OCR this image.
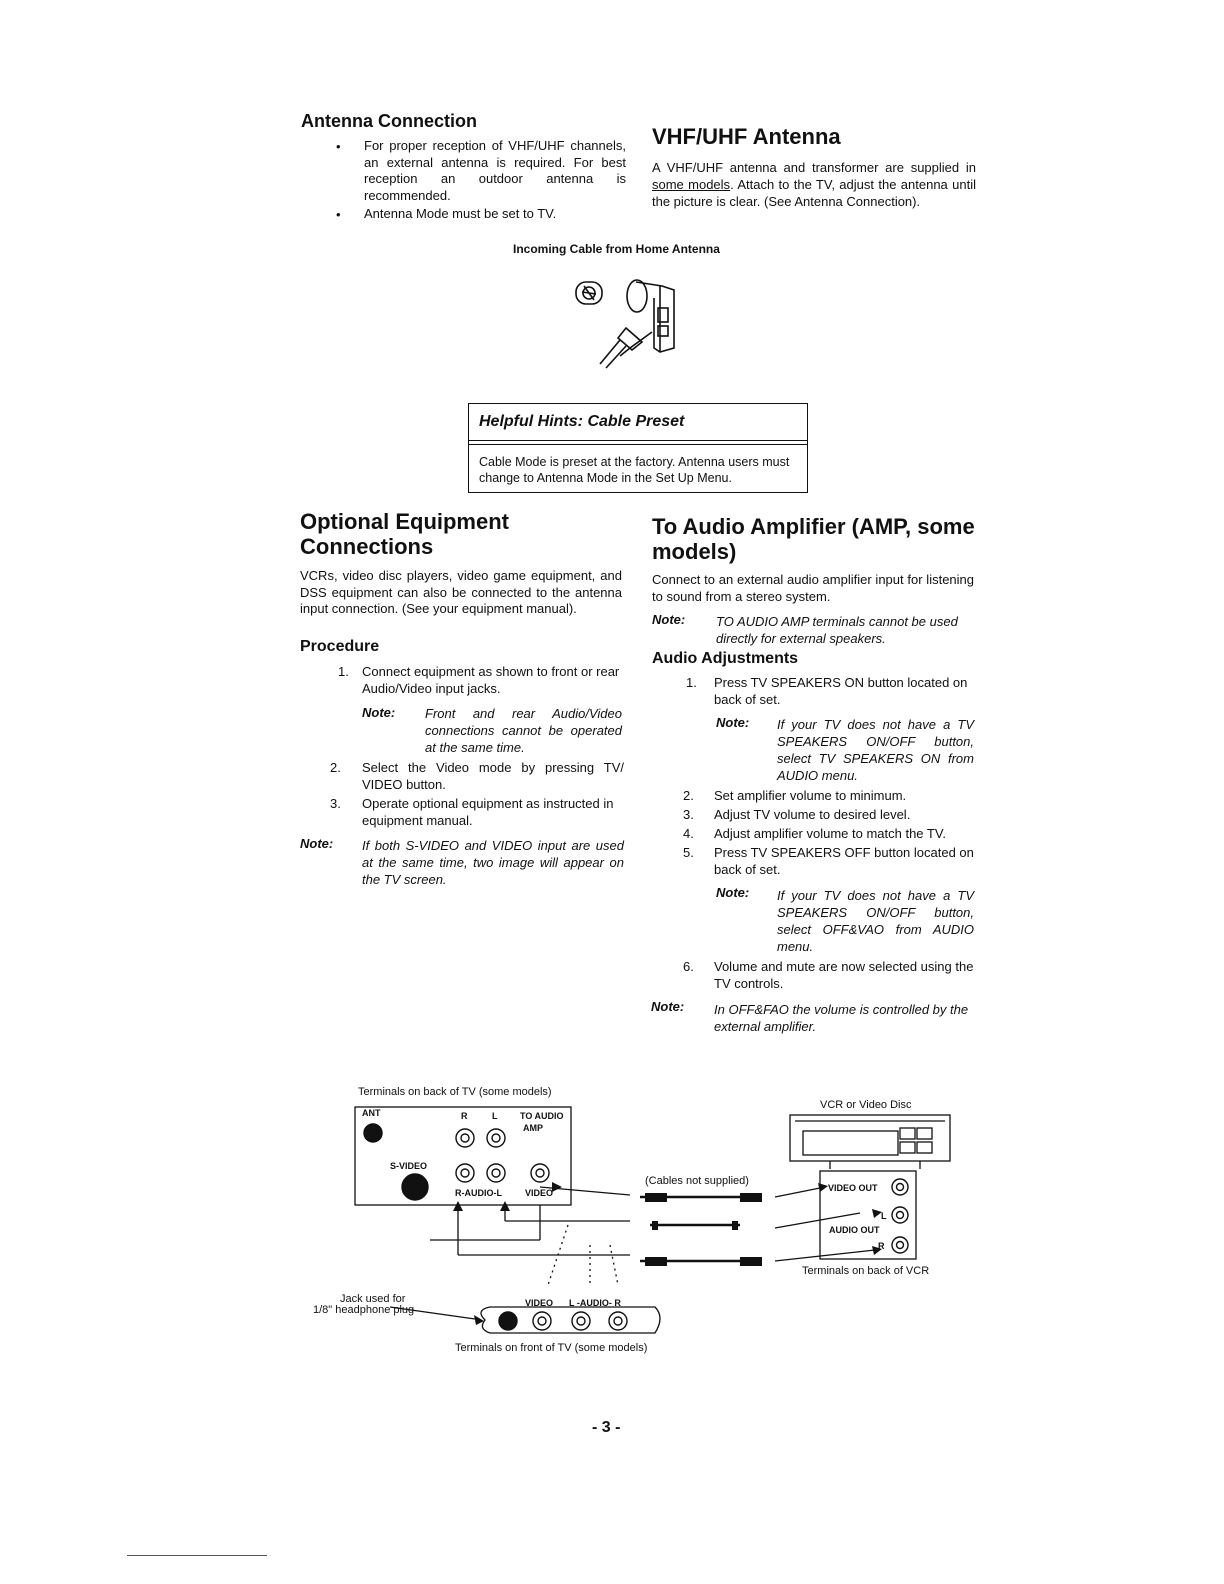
Antenna Connection
• For proper reception of VHF/UHF channels, an external antenna is required. For best reception an outdoor antenna is recommended.
• Antenna Mode must be set to TV.
VHF/UHF Antenna
A VHF/UHF antenna and transformer are supplied in some models. Attach to the TV, adjust the antenna until the picture is clear. (See Antenna Connection).
Incoming Cable from Home Antenna
Helpful Hints: Cable Preset
Cable Mode is preset at the factory. Antenna users must change to Antenna Mode in the Set Up Menu.
Optional Equipment
Connections
VCRs, video disc players, video game equipment, and DSS equipment can also be connected to the antenna input connection. (See your equipment manual).
Procedure
1. Connect equipment as shown to front or rear Audio/Video input jacks.
Note: Front and rear Audio/Video connections cannot be operated at the same time.
2. Select the Video mode by pressing TV/ VIDEO button.
3. Operate optional equipment as instructed in equipment manual.
Note: If both S-VIDEO and VIDEO input are used at the same time, two image will appear on the TV screen.
To Audio Amplifier (AMP, some
models)
Connect to an external audio amplifier input for listening to sound from a stereo system.
Note: TO AUDIO AMP terminals cannot be used directly for external speakers.
Audio Adjustments
1. Press TV SPEAKERS ON button located on back of set.
Note: If your TV does not have a TV SPEAKERS ON/OFF button, select TV SPEAKERS ON from AUDIO menu.
2. Set amplifier volume to minimum.
3. Adjust TV volume to desired level.
4. Adjust amplifier volume to match the TV.
5. Press TV SPEAKERS OFF button located on back of set.
Note: If your TV does not have a TV SPEAKERS ON/OFF button, select OFF&VAO from AUDIO menu.
6. Volume and mute are now selected using the TV controls.
Note: In OFF&FAO the volume is controlled by the external amplifier.
Terminals on back of TV (some models)
ANT	R	L	TO AUDIO
AMP
S-VIDEO
R-AUDIO-L	VIDEO
(Cables not supplied)
VCR or Video Disc
VIDEO OUT
L
AUDIO OUT
R
Terminals on back of VCR
Jack used for
1/8" headphone plug
VIDEO L -AUDIO- R
Terminals on front of TV (some models)
- 3 -
